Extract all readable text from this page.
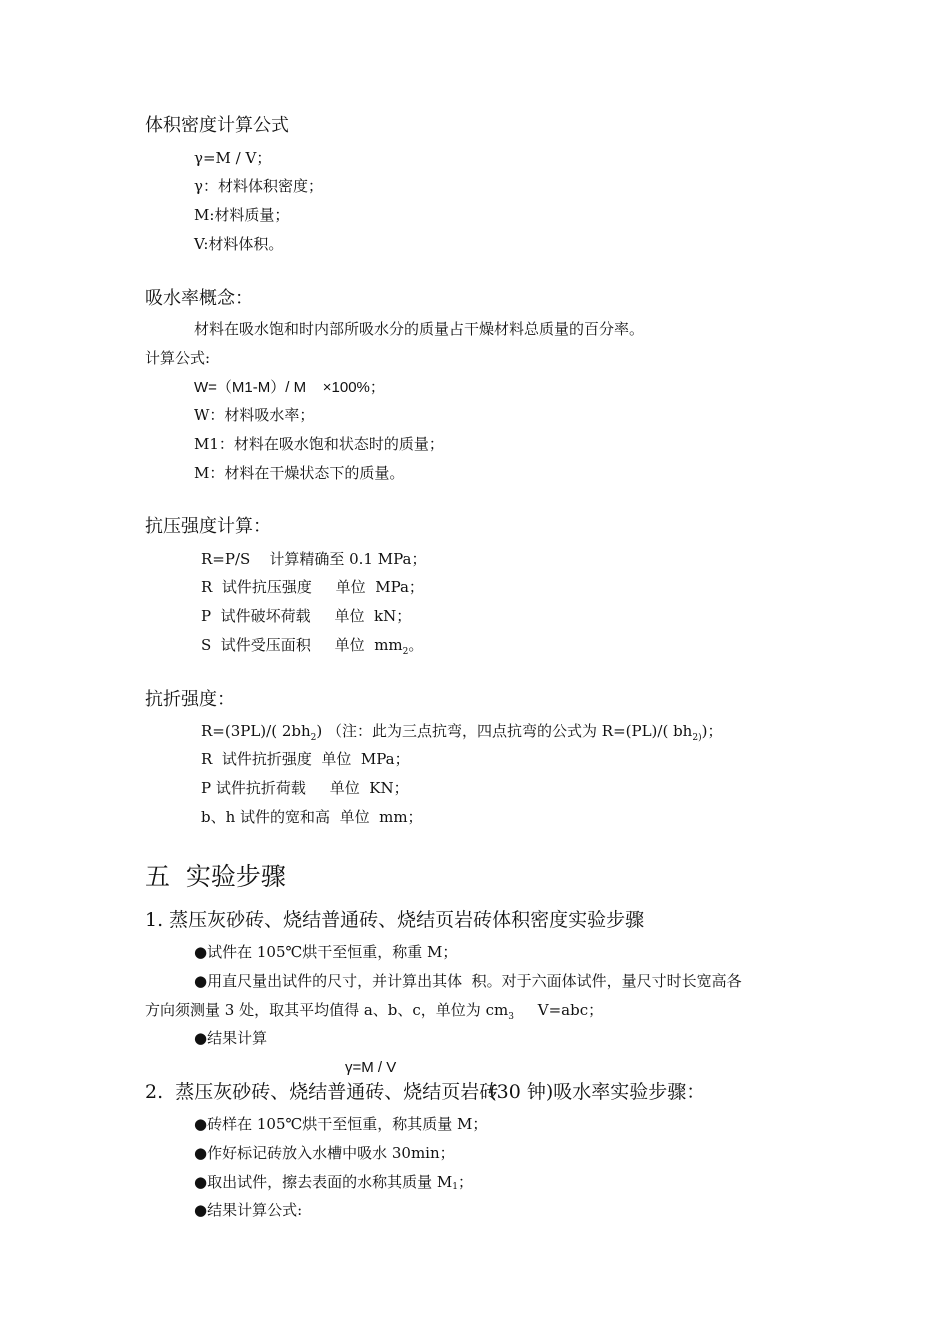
体积密度计算公式
γ=M / V；
γ：材料体积密度；
M:材料质量；
V:材料体积。
吸水率概念：
材料在吸水饱和时内部所吸水分的质量占干燥材料总质量的百分率。
计算公式:
W=（M1-M）/ M    ×100%；
W：材料吸水率；
M1：材料在吸水饱和状态时的质量；
M：材料在干燥状态下的质量。
抗压强度计算：
R=P/S    计算精确至 0.1 MPa；
R  试件抗压强度     单位  MPa；
P  试件破坏荷载     单位  kN；
S  试件受压面积     单位  $mm_2$。
抗折强度：
R=(3PL)/( $2bh_2$) （注：此为三点抗弯，四点抗弯的公式为 R=(PL)/( $bh_{2)}$)；
R  试件抗折强度  单位  MPa；
P 试件抗折荷载     单位  KN；
b、h 试件的宽和高  单位  mm；
五  实验步骤
1. 蒸压灰砂砖、烧结普通砖、烧结页岩砖体积密度实验步骤
●试件在 105℃烘干至恒重，称重 M；
●用直尺量出试件的尺寸，并计算出其体  积。对于六面体试件，量尺寸时长宽高各
方向须测量 3 处，取其平均值得 a、b、c，单位为 $cm_3$     V=abc；
●结果计算
γ=M / V
2.  蒸压灰砂砖、烧结普通砖、烧结页岩砖(30 钟)吸水率实验步骤：
●砖样在 105℃烘干至恒重，称其质量 M；
●作好标记砖放入水槽中吸水 30min；
●取出试件，擦去表面的水称其质量 $M^1$；
●结果计算公式:
